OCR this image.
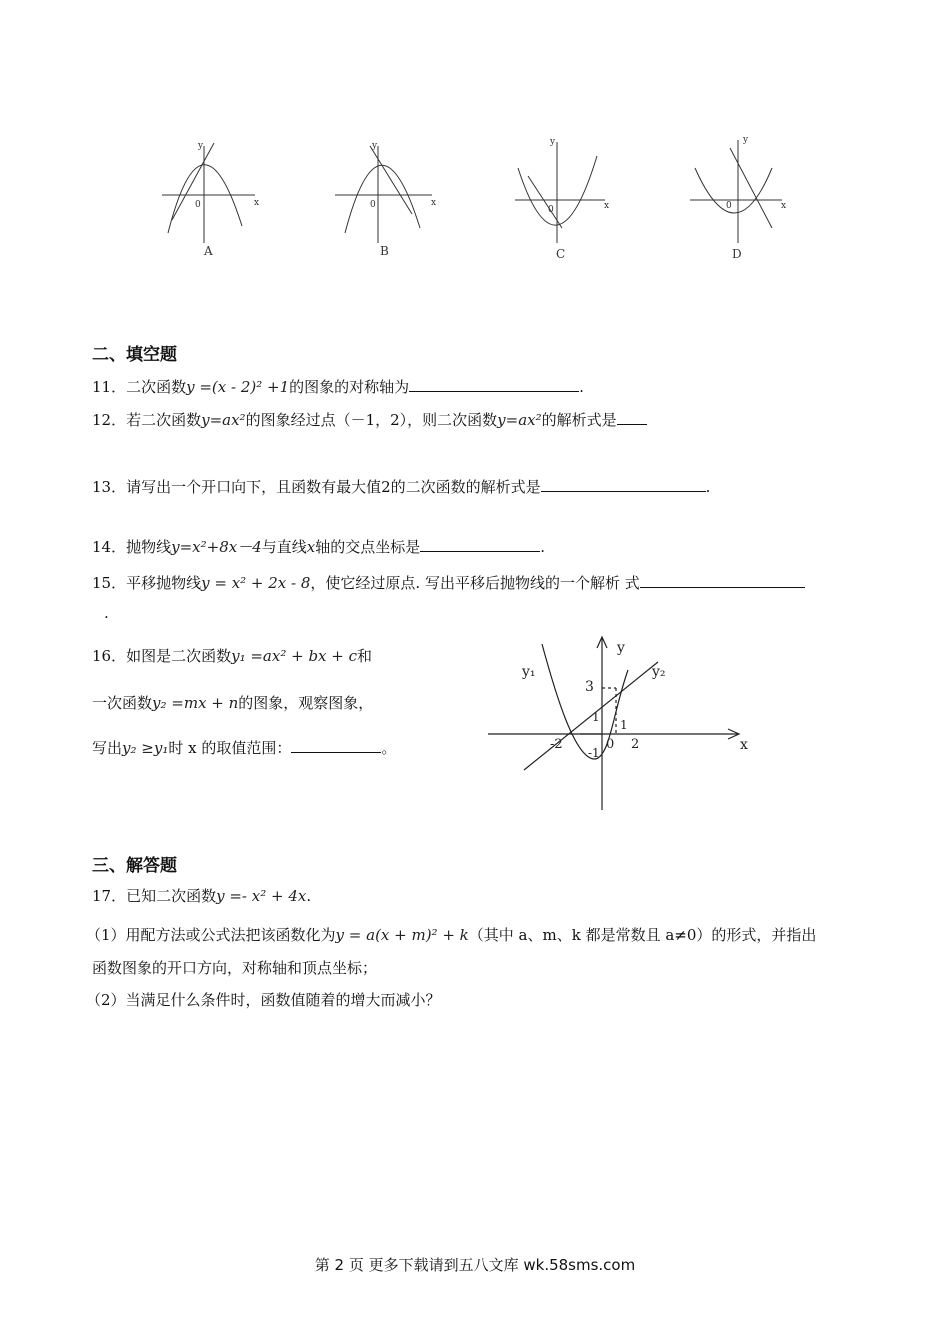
y
x
0
y
x
0
y
x
0
y
x
0
A	B	C	D
二、填空题
11．二次函数y =(x - 2)² +1的图象的对称轴为	.
12．若二次函数y=ax²的图象经过点（－1，2），则二次函数y=ax²的解析式是
13．请写出一个开口向下，且函数有最大值2的二次函数的解析式是	.
14．抛物线y=x²+8x－4与直线x轴的交点坐标是	.
15．平移抛物线y = x² + 2x - 8，使它经过原点. 写出平移后抛物线的一个解析 式
.
16．如图是二次函数y₁ =ax² + bx + c和
一次函数y₂ =mx + n的图象，观察图象，
写出y₂ ≥y₁时 x 的取值范围：	。
y₁	y₂
y
x
3
1
1
-1
-2	0 2
三、解答题
17．已知二次函数y =- x² + 4x.
（1）用配方法或公式法把该函数化为y = a(x + m)² + k（其中 a、m、k 都是常数且 a≠0）的形式，并指出
函数图象的开口方向，对称轴和顶点坐标；
（2）当满足什么条件时，函数值随着的增大而减小？
第 2 页 更多下载请到五八文库 wk.58sms.com
